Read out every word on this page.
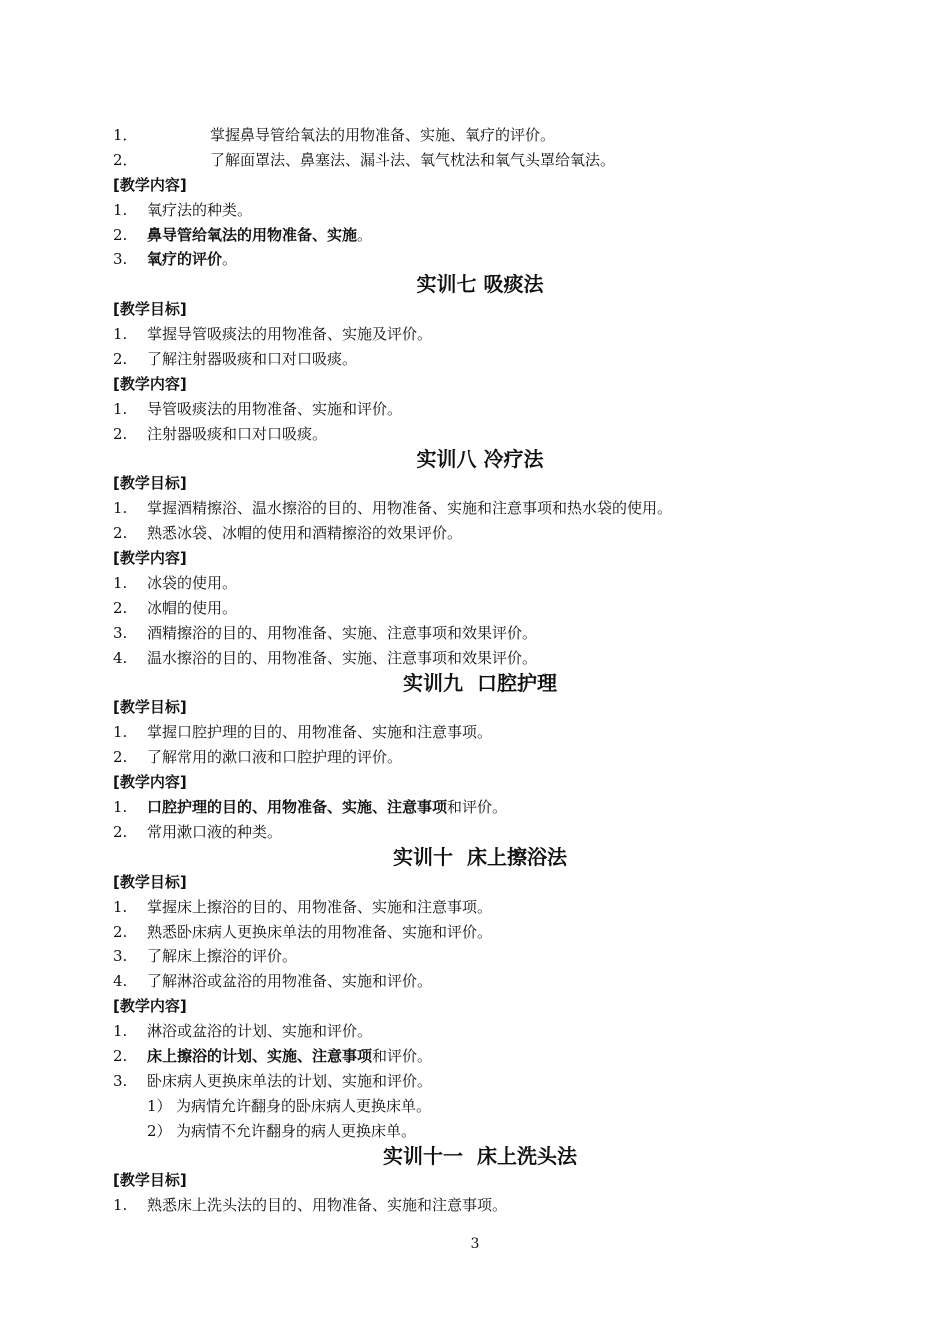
1．	掌握鼻导管给氧法的用物准备、实施、氧疗的评价。
2．	了解面罩法、鼻塞法、漏斗法、氧气枕法和氧气头罩给氧法。
[教学内容]
1.	氧疗法的种类。
2.	鼻导管给氧法的用物准备、实施。
3.	氧疗的评价。
实训七 吸痰法
[教学目标]
1.	掌握导管吸痰法的用物准备、实施及评价。
2.	了解注射器吸痰和口对口吸痰。
[教学内容]
1.	导管吸痰法的用物准备、实施和评价。
2.	注射器吸痰和口对口吸痰。
实训八 冷疗法
[教学目标]
1.	掌握酒精擦浴、温水擦浴的目的、用物准备、实施和注意事项和热水袋的使用。
2.	熟悉冰袋、冰帽的使用和酒精擦浴的效果评价。
[教学内容]
1.	冰袋的使用。
2.	冰帽的使用。
3.	酒精擦浴的目的、用物准备、实施、注意事项和效果评价。
4.	温水擦浴的目的、用物准备、实施、注意事项和效果评价。
实训九  口腔护理
[教学目标]
1.	掌握口腔护理的目的、用物准备、实施和注意事项。
2.	了解常用的漱口液和口腔护理的评价。
[教学内容]
1.	口腔护理的目的、用物准备、实施、注意事项和评价。
2.	常用漱口液的种类。
实训十  床上擦浴法
[教学目标]
1.	掌握床上擦浴的目的、用物准备、实施和注意事项。
2.	熟悉卧床病人更换床单法的用物准备、实施和评价。
3.	了解床上擦浴的评价。
4.	了解淋浴或盆浴的用物准备、实施和评价。
[教学内容]
1.	淋浴或盆浴的计划、实施和评价。
2.	床上擦浴的计划、实施、注意事项和评价。
3.	卧床病人更换床单法的计划、实施和评价。
1） 为病情允许翻身的卧床病人更换床单。
2） 为病情不允许翻身的病人更换床单。
实训十一  床上洗头法
[教学目标]
1.	熟悉床上洗头法的目的、用物准备、实施和注意事项。
3
